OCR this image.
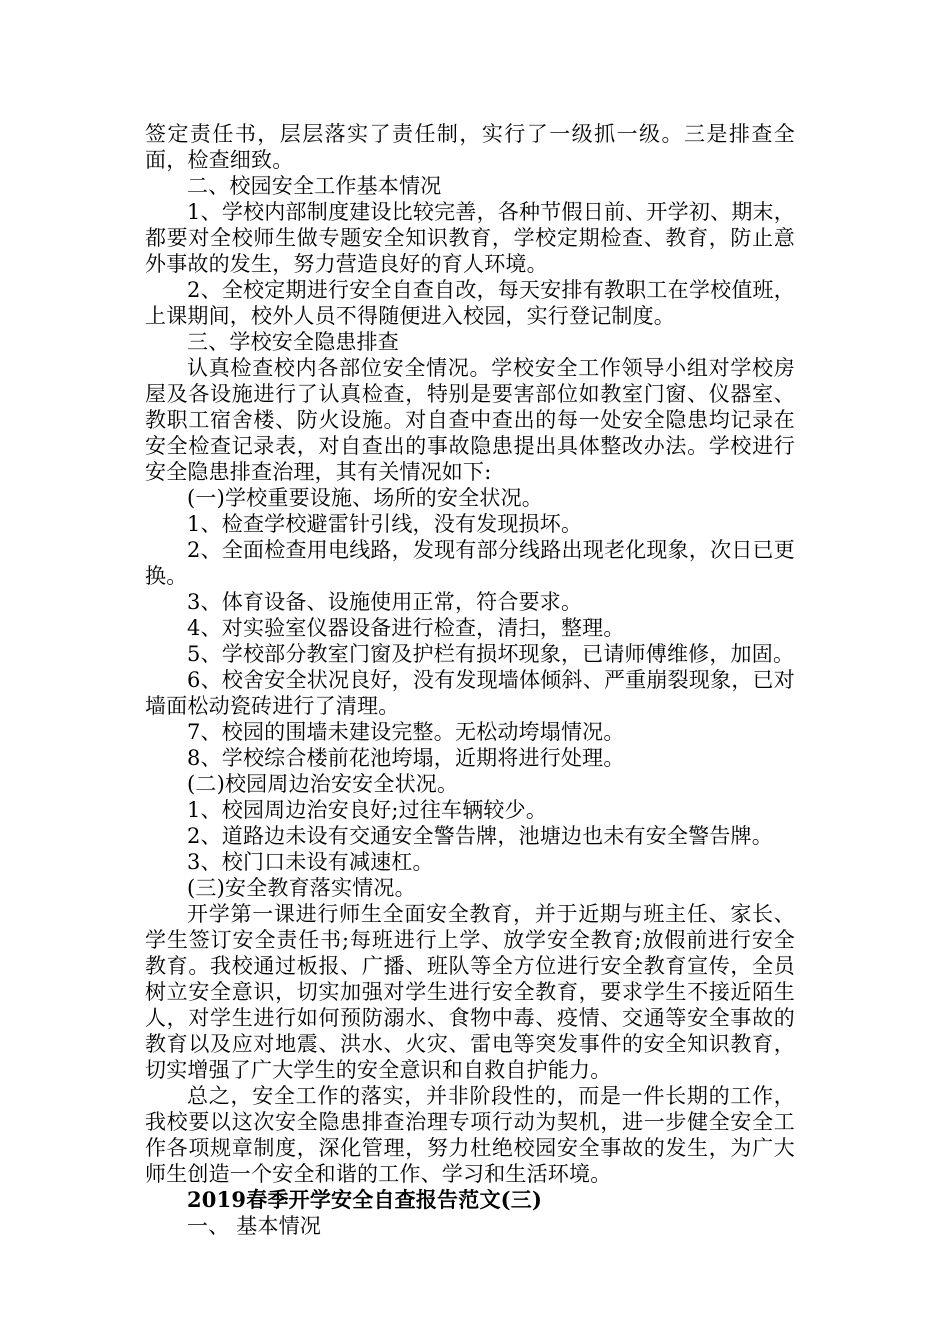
签定责任书，层层落实了责任制，实行了一级抓一级。三是排查全面，检查细致。

二、校园安全工作基本情况

1、学校内部制度建设比较完善，各种节假日前、开学初、期末，都要对全校师生做专题安全知识教育，学校定期检查、教育，防止意外事故的发生，努力营造良好的育人环境。

2、全校定期进行安全自查自改，每天安排有教职工在学校值班，上课期间，校外人员不得随便进入校园，实行登记制度。

三、学校安全隐患排查

认真检查校内各部位安全情况。学校安全工作领导小组对学校房屋及各设施进行了认真检查，特别是要害部位如教室门窗、仪器室、教职工宿舍楼、防火设施。对自查中查出的每一处安全隐患均记录在安全检查记录表，对自查出的事故隐患提出具体整改办法。学校进行安全隐患排查治理，其有关情况如下:

(一)学校重要设施、场所的安全状况。

1、检查学校避雷针引线，没有发现损坏。

2、全面检查用电线路，发现有部分线路出现老化现象，次日已更换。

3、体育设备、设施使用正常，符合要求。

4、对实验室仪器设备进行检查，清扫，整理。

5、学校部分教室门窗及护栏有损坏现象，已请师傅维修，加固。

6、校舍安全状况良好，没有发现墙体倾斜、严重崩裂现象，已对墙面松动瓷砖进行了清理。

7、校园的围墙未建设完整。无松动垮塌情况。

8、学校综合楼前花池垮塌，近期将进行处理。

(二)校园周边治安安全状况。

1、校园周边治安良好;过往车辆较少。

2、道路边未设有交通安全警告牌，池塘边也未有安全警告牌。

3、校门口未设有减速杠。

(三)安全教育落实情况。

开学第一课进行师生全面安全教育，并于近期与班主任、家长、学生签订安全责任书;每班进行上学、放学安全教育;放假前进行安全教育。我校通过板报、广播、班队等全方位进行安全教育宣传，全员树立安全意识，切实加强对学生进行安全教育，要求学生不接近陌生人，对学生进行如何预防溺水、食物中毒、疫情、交通等安全事故的教育以及应对地震、洪水、火灾、雷电等突发事件的安全知识教育，切实增强了广大学生的安全意识和自救自护能力。

总之，安全工作的落实，并非阶段性的，而是一件长期的工作，我校要以这次安全隐患排查治理专项行动为契机，进一步健全安全工作各项规章制度，深化管理，努力杜绝校园安全事故的发生，为广大师生创造一个安全和谐的工作、学习和生活环境。

2019春季开学安全自查报告范文(三)

一、 基本情况
